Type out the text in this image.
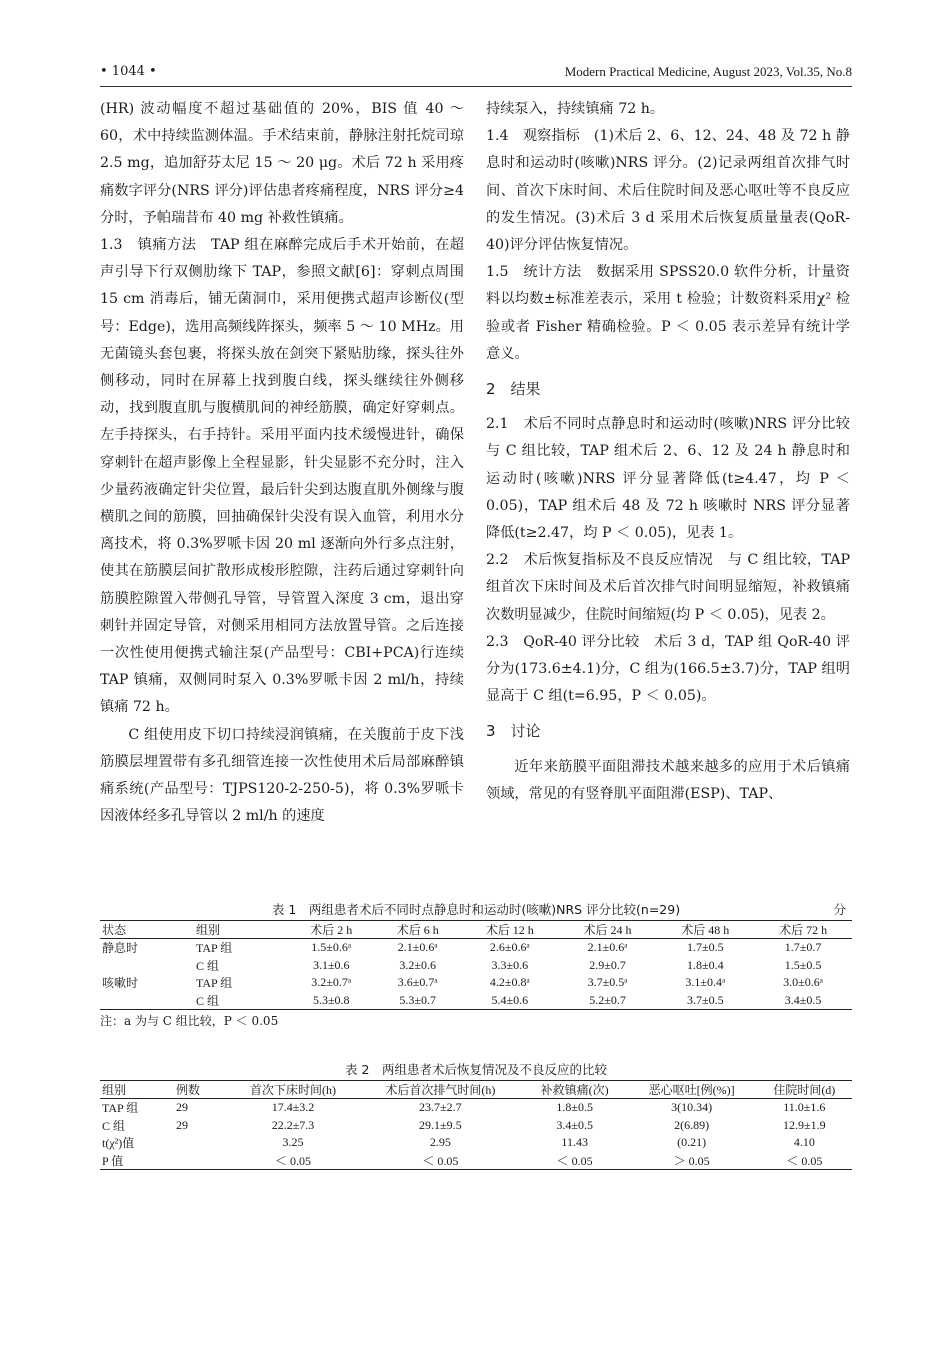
• 1044 •	Modern Practical Medicine, August 2023, Vol.35, No.8

(HR) 波动幅度不超过基础值的 20%，BIS 值 40 ～ 60，术中持续监测体温。手术结束前，静脉注射托烷司琼 2.5 mg，追加舒芬太尼 15 ～ 20 μg。术后 72 h 采用疼痛数字评分(NRS 评分)评估患者疼痛程度，NRS 评分≥4 分时，予帕瑞昔布 40 mg 补救性镇痛。

1.3　镇痛方法　TAP 组在麻醉完成后手术开始前，在超声引导下行双侧肋缘下 TAP，参照文献[6]：穿刺点周围 15 cm 消毒后，铺无菌洞巾，采用便携式超声诊断仪(型号：Edge)，选用高频线阵探头，频率 5 ～ 10 MHz。用无菌镜头套包裹，将探头放在剑突下紧贴肋缘，探头往外侧移动，同时在屏幕上找到腹白线，探头继续往外侧移动，找到腹直肌与腹横肌间的神经筋膜，确定好穿刺点。左手持探头，右手持针。采用平面内技术缓慢进针，确保穿刺针在超声影像上全程显影，针尖显影不充分时，注入少量药液确定针尖位置，最后针尖到达腹直肌外侧缘与腹横肌之间的筋膜，回抽确保针尖没有误入血管，利用水分离技术，将 0.3%罗哌卡因 20 ml 逐渐向外行多点注射，使其在筋膜层间扩散形成梭形腔隙，注药后通过穿刺针向筋膜腔隙置入带侧孔导管，导管置入深度 3 cm，退出穿刺针并固定导管，对侧采用相同方法放置导管。之后连接一次性使用便携式输注泵(产品型号：CBI+PCA)行连续 TAP 镇痛，双侧同时泵入 0.3%罗哌卡因 2 ml/h，持续镇痛 72 h。

C 组使用皮下切口持续浸润镇痛，在关腹前于皮下浅筋膜层埋置带有多孔细管连接一次性使用术后局部麻醉镇痛系统(产品型号：TJPS120-2-250-5)，将 0.3%罗哌卡因液体经多孔导管以 2 ml/h 的速度

持续泵入，持续镇痛 72 h。

1.4　观察指标　(1)术后 2、6、12、24、48 及 72 h 静息时和运动时(咳嗽)NRS 评分。(2)记录两组首次排气时间、首次下床时间、术后住院时间及恶心呕吐等不良反应的发生情况。(3)术后 3 d 采用术后恢复质量量表(QoR-40)评分评估恢复情况。

1.5　统计方法　数据采用 SPSS20.0 软件分析，计量资料以均数±标准差表示，采用 t 检验；计数资料采用χ² 检验或者 Fisher 精确检验。P ＜ 0.05 表示差异有统计学意义。

2　结果

2.1　术后不同时点静息时和运动时(咳嗽)NRS 评分比较　与 C 组比较，TAP 组术后 2、6、12 及 24 h 静息时和运动时(咳嗽)NRS 评分显著降低(t≥4.47，均 P ＜ 0.05)，TAP 组术后 48 及 72 h 咳嗽时 NRS 评分显著降低(t≥2.47，均 P ＜ 0.05)，见表 1。

2.2　术后恢复指标及不良反应情况　与 C 组比较，TAP 组首次下床时间及术后首次排气时间明显缩短，补救镇痛次数明显减少，住院时间缩短(均 P ＜ 0.05)，见表 2。

2.3　QoR-40 评分比较　术后 3 d，TAP 组 QoR-40 评分为(173.6±4.1)分，C 组为(166.5±3.7)分，TAP 组明显高于 C 组(t=6.95，P ＜ 0.05)。

3　讨论

近年来筋膜平面阻滞技术越来越多的应用于术后镇痛领域，常见的有竖脊肌平面阻滞(ESP)、TAP、

表 1　两组患者术后不同时点静息时和运动时(咳嗽)NRS 评分比较(n=29)	分
状态	组别	术后 2 h	术后 6 h	术后 12 h	术后 24 h	术后 48 h	术后 72 h
静息时	TAP 组	1.5±0.6ᵃ	2.1±0.6ᵃ	2.6±0.6ᵃ	2.1±0.6ᵃ	1.7±0.5	1.7±0.7
	C 组	3.1±0.6	3.2±0.6	3.3±0.6	2.9±0.7	1.8±0.4	1.5±0.5
咳嗽时	TAP 组	3.2±0.7ᵃ	3.6±0.7ᵃ	4.2±0.8ᵃ	3.7±0.5ᵃ	3.1±0.4ᵃ	3.0±0.6ᵃ
	C 组	5.3±0.8	5.3±0.7	5.4±0.6	5.2±0.7	3.7±0.5	3.4±0.5
注：a 为与 C 组比较，P ＜ 0.05
表 2　两组患者术后恢复情况及不良反应的比较
组别	例数	首次下床时间(h)	术后首次排气时间(h)	补救镇痛(次)	恶心呕吐[例(%)]	住院时间(d)
TAP 组	29	17.4±3.2	23.7±2.7	1.8±0.5	3(10.34)	11.0±1.6
C 组	29	22.2±7.3	29.1±9.5	3.4±0.5	2(6.89)	12.9±1.9
t(χ²)值		3.25	2.95	11.43	(0.21)	4.10
P 值		＜ 0.05	＜ 0.05	＜ 0.05	＞ 0.05	＜ 0.05
